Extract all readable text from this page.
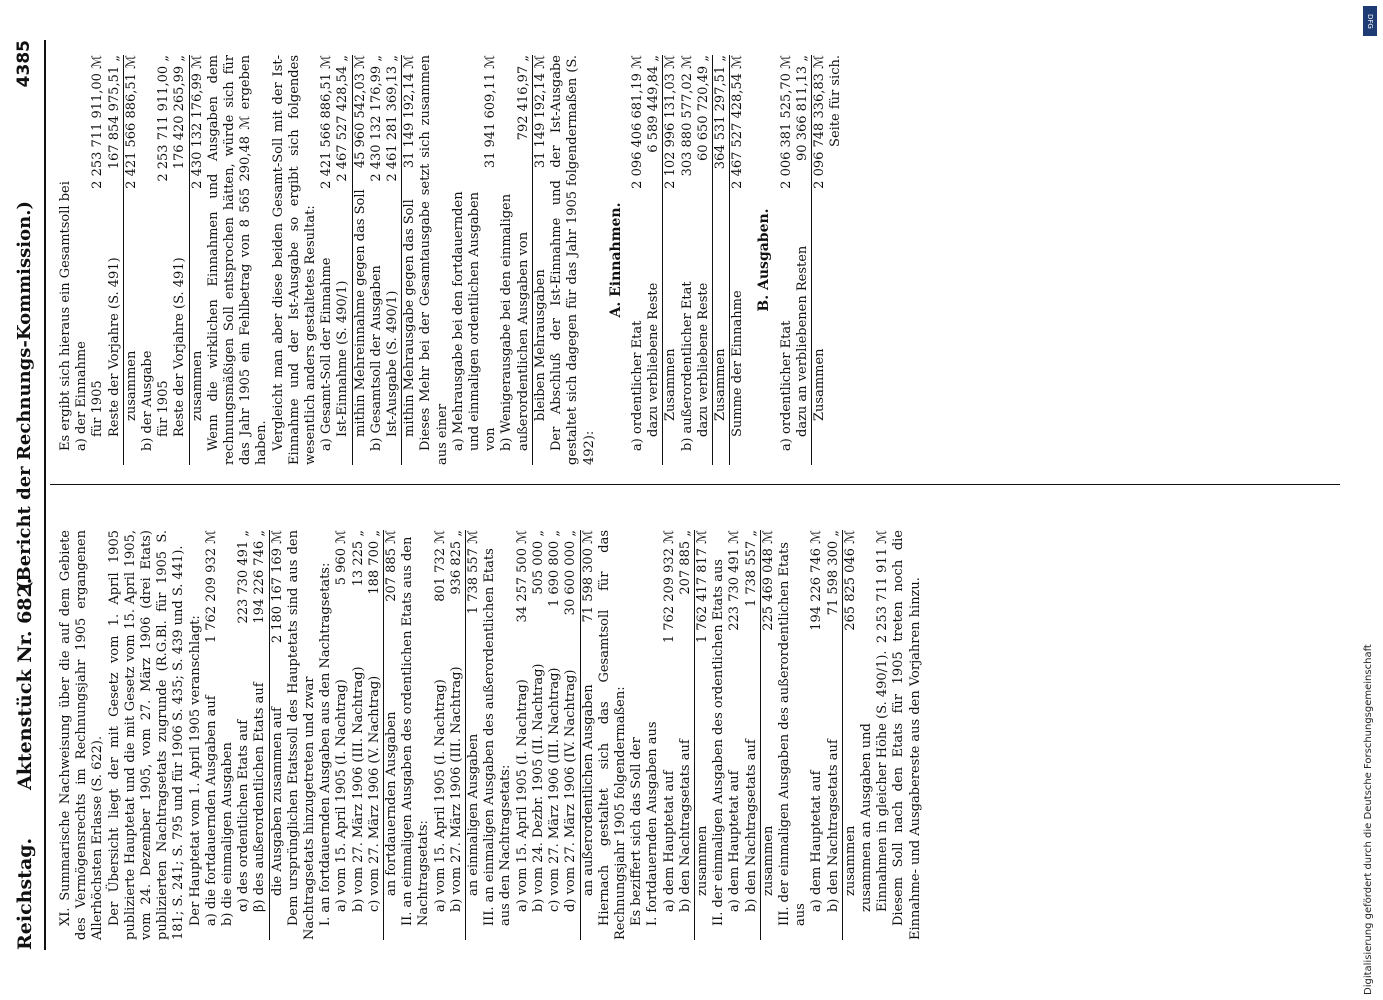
Reichstag.
Aktenstück Nr. 682.
(Bericht der Rechnungs-Kommission.)
4385
XI. Summarische Nachweisung über die auf dem Gebiete des Vermögensrechts im Rechnungsjahr 1905 ergangenen Allerhöchsten Erlasse (S. 622). Der Übersicht liegt der mit Gesetz vom 1. April 1905 publizierte Hauptetat und die mit Gesetz vom 15. April 1905, vom 24. Dezember 1905, vom 27. März 1906 (drei Etats) publizierten Nachtragsetats zugrunde (R.G.Bl. für 1905 S. 181; S. 241; S. 795 und für 1906 S. 435; S. 439 und S. 441). Der Hauptetat vom 1. April 1905 veranschlagt: a) die fortdauernden Ausgaben auf
1 762 209 932 ℳ
b) die einmaligen Ausgaben α) des ordentlichen Etats auf
223 730 491 „
β) des außerordentlichen Etats auf
194 226 746 „
die Ausgaben zusammen auf
2 180 167 169 ℳ Dem ursprünglichen Etatssoll des Hauptetats sind aus den Nachtragsetats hinzugetreten und zwar I. an fortdauernden Ausgaben aus den Nachtragsetats: a) vom 15. April 1905 (I. Nachtrag)
5 960 ℳ
b) vom 27. März 1906 (III. Nachtrag)
13 225 „
c) vom 27. März 1906 (V. Nachtrag)
188 700 „
an fortdauernden Ausgaben
207 885 ℳ II. an einmaligen Ausgaben des ordentlichen Etats aus den Nachtragsetats: a) vom 15. April 1905 (I. Nachtrag)
801 732 ℳ
b) vom 27. März 1906 (III. Nachtrag)
936 825 „
an einmaligen Ausgaben
1 738 557 ℳ III. an einmaligen Ausgaben des außerordentlichen Etats aus den Nachtragsetats: a) vom 15. April 1905 (I. Nachtrag)
34 257 500 ℳ
b) vom 24. Dezbr. 1905 (II. Nachtrag)
505 000 „
c) vom 27. März 1906 (III. Nachtrag)
1 690 800 „
d) vom 27. März 1906 (IV. Nachtrag)
30 600 000 „
an außerordentlichen Ausgaben
71 598 300 ℳ Hiernach gestaltet sich das Gesamtsoll für das Rechnungsjahr 1905 folgendermaßen: Es beziffert sich das Soll der I. fortdauernden Ausgaben aus a) dem Hauptetat auf
1 762 209 932 ℳ
b) den Nachtragsetats auf
207 885 „
zusammen
1 762 417 817 ℳ II. der einmaligen Ausgaben des ordentlichen Etats aus a) dem Hauptetat auf
223 730 491 ℳ
b) den Nachtragsetats auf
1 738 557 „
zusammen
225 469 048 ℳ III. der einmaligen Ausgaben des außerordentlichen Etats aus
a) dem Hauptetat auf
194 226 746 ℳ
b) den Nachtragsetats auf
71 598 300 „
zusammen
265 825 046 ℳ
zusammen an Ausgaben und Einnahmen in gleicher Höhe (S. 490/1).
2 253 711 911 ℳ Diesem Soll nach den Etats für 1905 treten noch die Einnahme- und Ausgabereste aus den Vorjahren hinzu.
Es ergibt sich hieraus ein Gesamtsoll bei a) der Einnahme für 1905
2 253 711 911,00 ℳ
Reste der Vorjahre (S. 491)
167 854 975,51 „
zusammen
2 421 566 886,51 ℳ
b) der Ausgabe für 1905
2 253 711 911,00 „
Reste der Vorjahre (S. 491)
176 420 265,99 „
zusammen
2 430 132 176,99 ℳ Wenn die wirklichen Einnahmen und Ausgaben dem rechnungsmäßigen Soll entsprochen hätten, würde sich für das Jahr 1905 ein Fehlbetrag von 8 565 290,48 ℳ ergeben haben. Vergleicht man aber diese beiden Gesamt-Soll mit der Ist-Einnahme und der Ist-Ausgabe so ergibt sich folgendes wesentlich anders gestaltetes Resultat: a) Gesamt-Soll der Einnahme
2 421 566 886,51 ℳ
Ist-Einnahme (S. 490/1)
2 467 527 428,54 „
mithin Mehreinnahme gegen das Soll
45 960 542,03 ℳ
b) Gesamtsoll der Ausgaben
2 430 132 176,99 „
Ist-Ausgabe (S. 490/1)
2 461 281 369,13 „
mithin Mehrausgabe gegen das Soll
31 149 192,14 ℳ Dieses Mehr bei der Gesamtausgabe setzt sich zusammen aus einer a) Mehrausgabe bei den fortdauernden und einmaligen ordentlichen Ausgaben von
31 941 609,11 ℳ
b) Wenigerausgabe bei den einmaligen außerordentlichen Ausgaben von
792 416,97 „
bleiben Mehrausgaben
31 149 192,14 ℳ Der Abschluß der Ist-Einnahme und der Ist-Ausgabe gestaltet sich dagegen für das Jahr 1905 folgendermaßen (S. 492):
A. Einnahmen.
a) ordentlicher Etat
2 096 406 681,19 ℳ
dazu verbliebene Reste
6 589 449,84 „
Zusammen
2 102 996 131,03 ℳ
b) außerordentlicher Etat
303 880 577,02 ℳ
dazu verbliebene Reste
60 650 720,49 „
Zusammen
364 531 297,51 „
Summe der Einnahme
2 467 527 428,54 ℳ
B. Ausgaben.
a) ordentlicher Etat
2 006 381 525,70 ℳ
dazu an verbliebenen Resten
90 366 811,13 „
Zusammen
2 096 748 336,83 ℳ Seite für sich.
Digitalisierung gefördert durch die Deutsche Forschungsgemeinschaft
DFG
